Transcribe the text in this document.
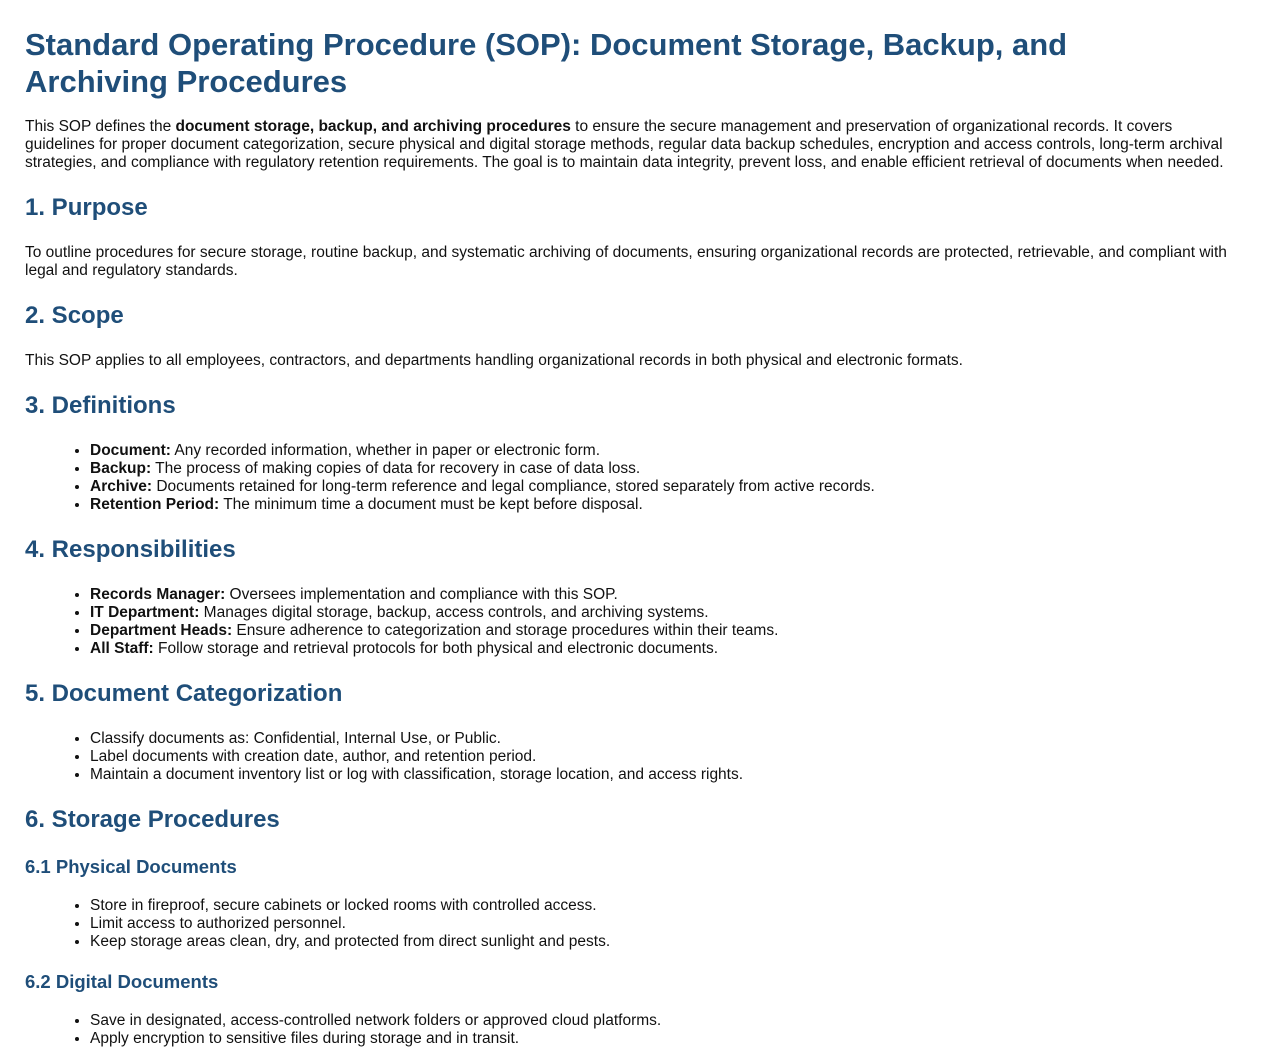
Standard Operating Procedure (SOP): Document Storage, Backup, and Archiving Procedures

This SOP defines the document storage, backup, and archiving procedures to ensure the secure management and preservation of organizational records. It covers guidelines for proper document categorization, secure physical and digital storage methods, regular data backup schedules, encryption and access controls, long-term archival strategies, and compliance with regulatory retention requirements. The goal is to maintain data integrity, prevent loss, and enable efficient retrieval of documents when needed.

1. Purpose

To outline procedures for secure storage, routine backup, and systematic archiving of documents, ensuring organizational records are protected, retrievable, and compliant with legal and regulatory standards.

2. Scope

This SOP applies to all employees, contractors, and departments handling organizational records in both physical and electronic formats.

3. Definitions
• Document: Any recorded information, whether in paper or electronic form.
• Backup: The process of making copies of data for recovery in case of data loss.
• Archive: Documents retained for long-term reference and legal compliance, stored separately from active records.
• Retention Period: The minimum time a document must be kept before disposal.
4. Responsibilities
• Records Manager: Oversees implementation and compliance with this SOP.
• IT Department: Manages digital storage, backup, access controls, and archiving systems.
• Department Heads: Ensure adherence to categorization and storage procedures within their teams.
• All Staff: Follow storage and retrieval protocols for both physical and electronic documents.
5. Document Categorization
• Classify documents as: Confidential, Internal Use, or Public.
• Label documents with creation date, author, and retention period.
• Maintain a document inventory list or log with classification, storage location, and access rights.
6. Storage Procedures
6.1 Physical Documents
• Store in fireproof, secure cabinets or locked rooms with controlled access.
• Limit access to authorized personnel.
• Keep storage areas clean, dry, and protected from direct sunlight and pests.
6.2 Digital Documents
• Save in designated, access-controlled network folders or approved cloud platforms.
• Apply encryption to sensitive files during storage and in transit.
